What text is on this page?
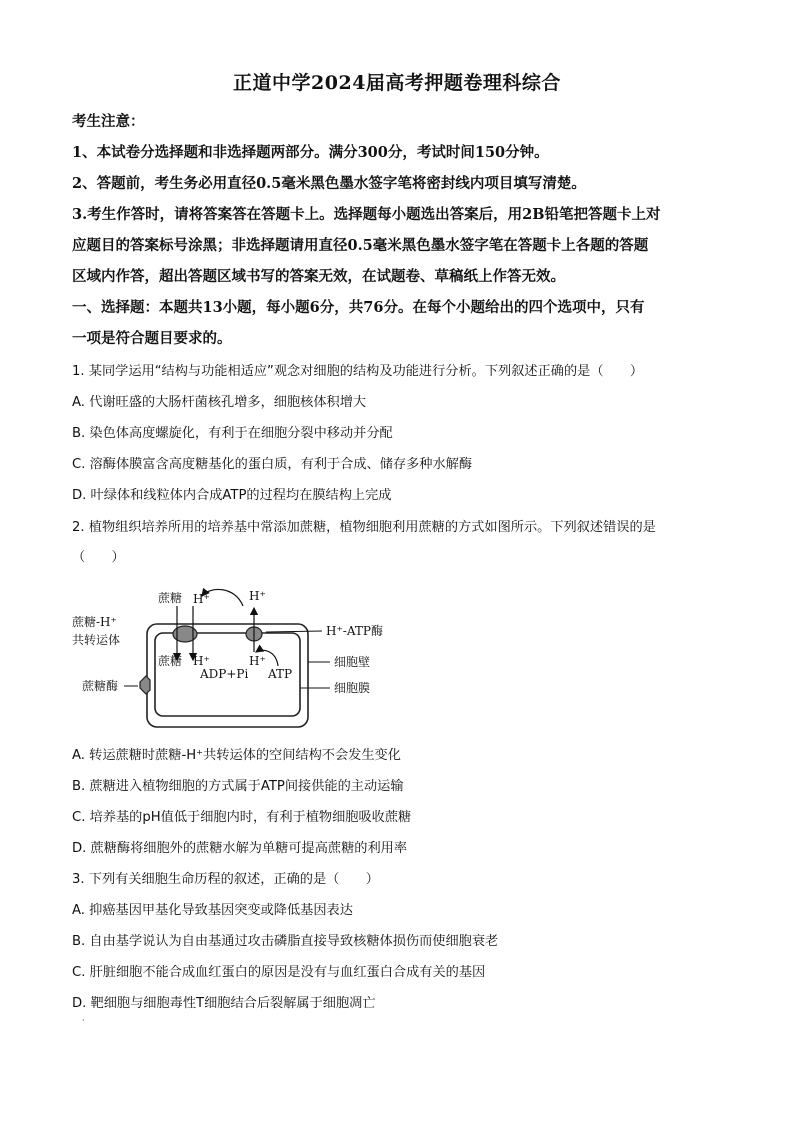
正道中学2024届高考押题卷理科综合
考生注意：
1、本试卷分选择题和非选择题两部分。满分300分，考试时间150分钟。
2、答题前，考生务必用直径0.5毫米黑色墨水签字笔将密封线内项目填写清楚。
3.考生作答时，请将答案答在答题卡上。选择题每小题选出答案后，用2B铅笔把答题卡上对
应题目的答案标号涂黑；非选择题请用直径0.5毫米黑色墨水签字笔在答题卡上各题的答题
区域内作答，超出答题区域书写的答案无效，在试题卷、草稿纸上作答无效。
一、选择题：本题共13小题，每小题6分，共76分。在每个小题给出的四个选项中，只有
一项是符合题目要求的。
1. 某同学运用“结构与功能相适应”观念对细胞的结构及功能进行分析。下列叙述正确的是（　　）
A. 代谢旺盛的大肠杆菌核孔增多，细胞核体积增大
B. 染色体高度螺旋化，有利于在细胞分裂中移动并分配
C. 溶酶体膜富含高度糖基化的蛋白质，有利于合成、储存多种水解酶
D. 叶绿体和线粒体内合成ATP的过程均在膜结构上完成
2. 植物组织培养所用的培养基中常添加蔗糖，植物细胞利用蔗糖的方式如图所示。下列叙述错误的是
（　　）
蔗糖 H⁺	H⁺
蔗糖-H⁺
共转运体
H⁺-ATP酶
蔗糖 H⁺	H⁺
ADP+Pi ATP
细胞壁
细胞膜
蔗糖酶
A. 转运蔗糖时蔗糖-H⁺共转运体的空间结构不会发生变化
B. 蔗糖进入植物细胞的方式属于ATP间接供能的主动运输
C. 培养基的pH值低于细胞内时，有利于植物细胞吸收蔗糖
D. 蔗糖酶将细胞外的蔗糖水解为单糖可提高蔗糖的利用率
3. 下列有关细胞生命历程的叙述，正确的是（　　）
A. 抑癌基因甲基化导致基因突变或降低基因表达
B. 自由基学说认为自由基通过攻击磷脂直接导致核糖体损伤而使细胞衰老
C. 肝脏细胞不能合成血红蛋白的原因是没有与血红蛋白合成有关的基因
D. 靶细胞与细胞毒性T细胞结合后裂解属于细胞凋亡
·
